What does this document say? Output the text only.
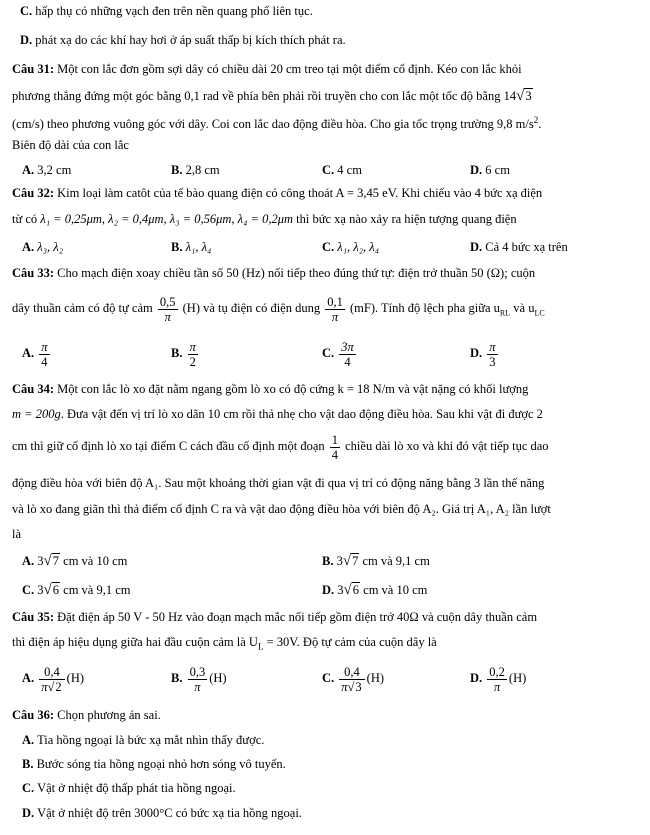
C. hấp thụ có những vạch đen trên nền quang phổ liên tục.
D. phát xạ do các khí hay hơi ở áp suất thấp bị kích thích phát ra.
Câu 31: Một con lắc đơn gồm sợi dây có chiều dài 20 cm treo tại một điểm cố định. Kéo con lắc khỏi
phương thẳng đứng một góc bằng 0,1 rad về phía bên phải rồi truyền cho con lắc một tốc độ bằng 14√3
(cm/s) theo phương vuông góc với dây. Coi con lắc dao động điều hòa. Cho gia tốc trọng trường 9,8 $m/s^2$.
Biên độ dài của con lắc
A. 3,2 cm	B. 2,8 cm	C. 4 cm	D. 6 cm
Câu 32: Kim loại làm catôt của tế bào quang điện có công thoát A = 3,45 eV. Khi chiếu vào 4 bức xạ điện
từ có λ₁ = 0,25μm, λ₂ = 0,4μm, λ₃ = 0,56μm, λ₄ = 0,2μm thì bức xạ nào xảy ra hiện tượng quang điện
A. λ₃, λ₂	B. λ₁, λ₄	C. λ₁, λ₂, λ₄	D. Cả 4 bức xạ trên
Câu 33: Cho mạch điện xoay chiều tần số 50 (Hz) nối tiếp theo đúng thứ tự: điện trở thuần 50 (Ω); cuộn
dây thuần cảm có độ tự cảm $\frac{0,5}{\pi} (H)$ và tụ điện có điện dung $\frac{0,1}{\pi} (mF)$. Tính độ lệch pha giữa $u_{RL}$ và $u_{LC}$
A. $\frac{\pi}{4}$	B. $\frac{\pi}{2}$	C. $\frac{3\pi}{4}$	D. $\frac{\pi}{3}$
Câu 34: Một con lắc lò xo đặt nằm ngang gồm lò xo có độ cứng k = 18 N/m và vật nặng có khối lượng
m = 200g. Đưa vật đến vị trí lò xo dãn 10 cm rồi thả nhẹ cho vật dao động điều hòa. Sau khi vật đi được 2
cm thì giữ cố định lò xo tại điểm C cách đầu cố định một đoạn $\frac{1}{4}$ chiều dài lò xo và khi đó vật tiếp tục dao
động điều hòa với biên độ A₁. Sau một khoảng thời gian vật đi qua vị trí có động năng bằng 3 lần thế năng
và lò xo đang giãn thì thả điểm cố định C ra và vật dao động điều hòa với biên độ A₂. Giá trị A₁, A₂ lần lượt
là
A. 3√7 cm và 10 cm	B. 3√7 cm và 9,1 cm
C. 3√6 cm và 9,1 cm	D. 3√6 cm và 10 cm
Câu 35: Đặt điện áp 50 V - 50 Hz vào đoạn mạch mắc nối tiếp gồm điện trở 40Ω và cuộn dây thuần cảm
thì điện áp hiệu dụng giữa hai đầu cuộn cảm là $U_L = 30V$. Độ tự cảm của cuộn dây là
A. $\frac{0,4}{\pi√2} (H)$	B. $\frac{0,3}{\pi} (H)$	C. $\frac{0,4}{\pi√3} (H)$	D. $\frac{0,2}{\pi} (H)$
Câu 36: Chọn phương án sai.
A. Tia hồng ngoại là bức xạ mắt nhìn thấy được.
B. Bước sóng tia hồng ngoại nhỏ hơn sóng vô tuyến.
C. Vật ở nhiệt độ thấp phát tia hồng ngoại.
D. Vật ở nhiệt độ trên 3000°C có bức xạ tia hồng ngoại.
